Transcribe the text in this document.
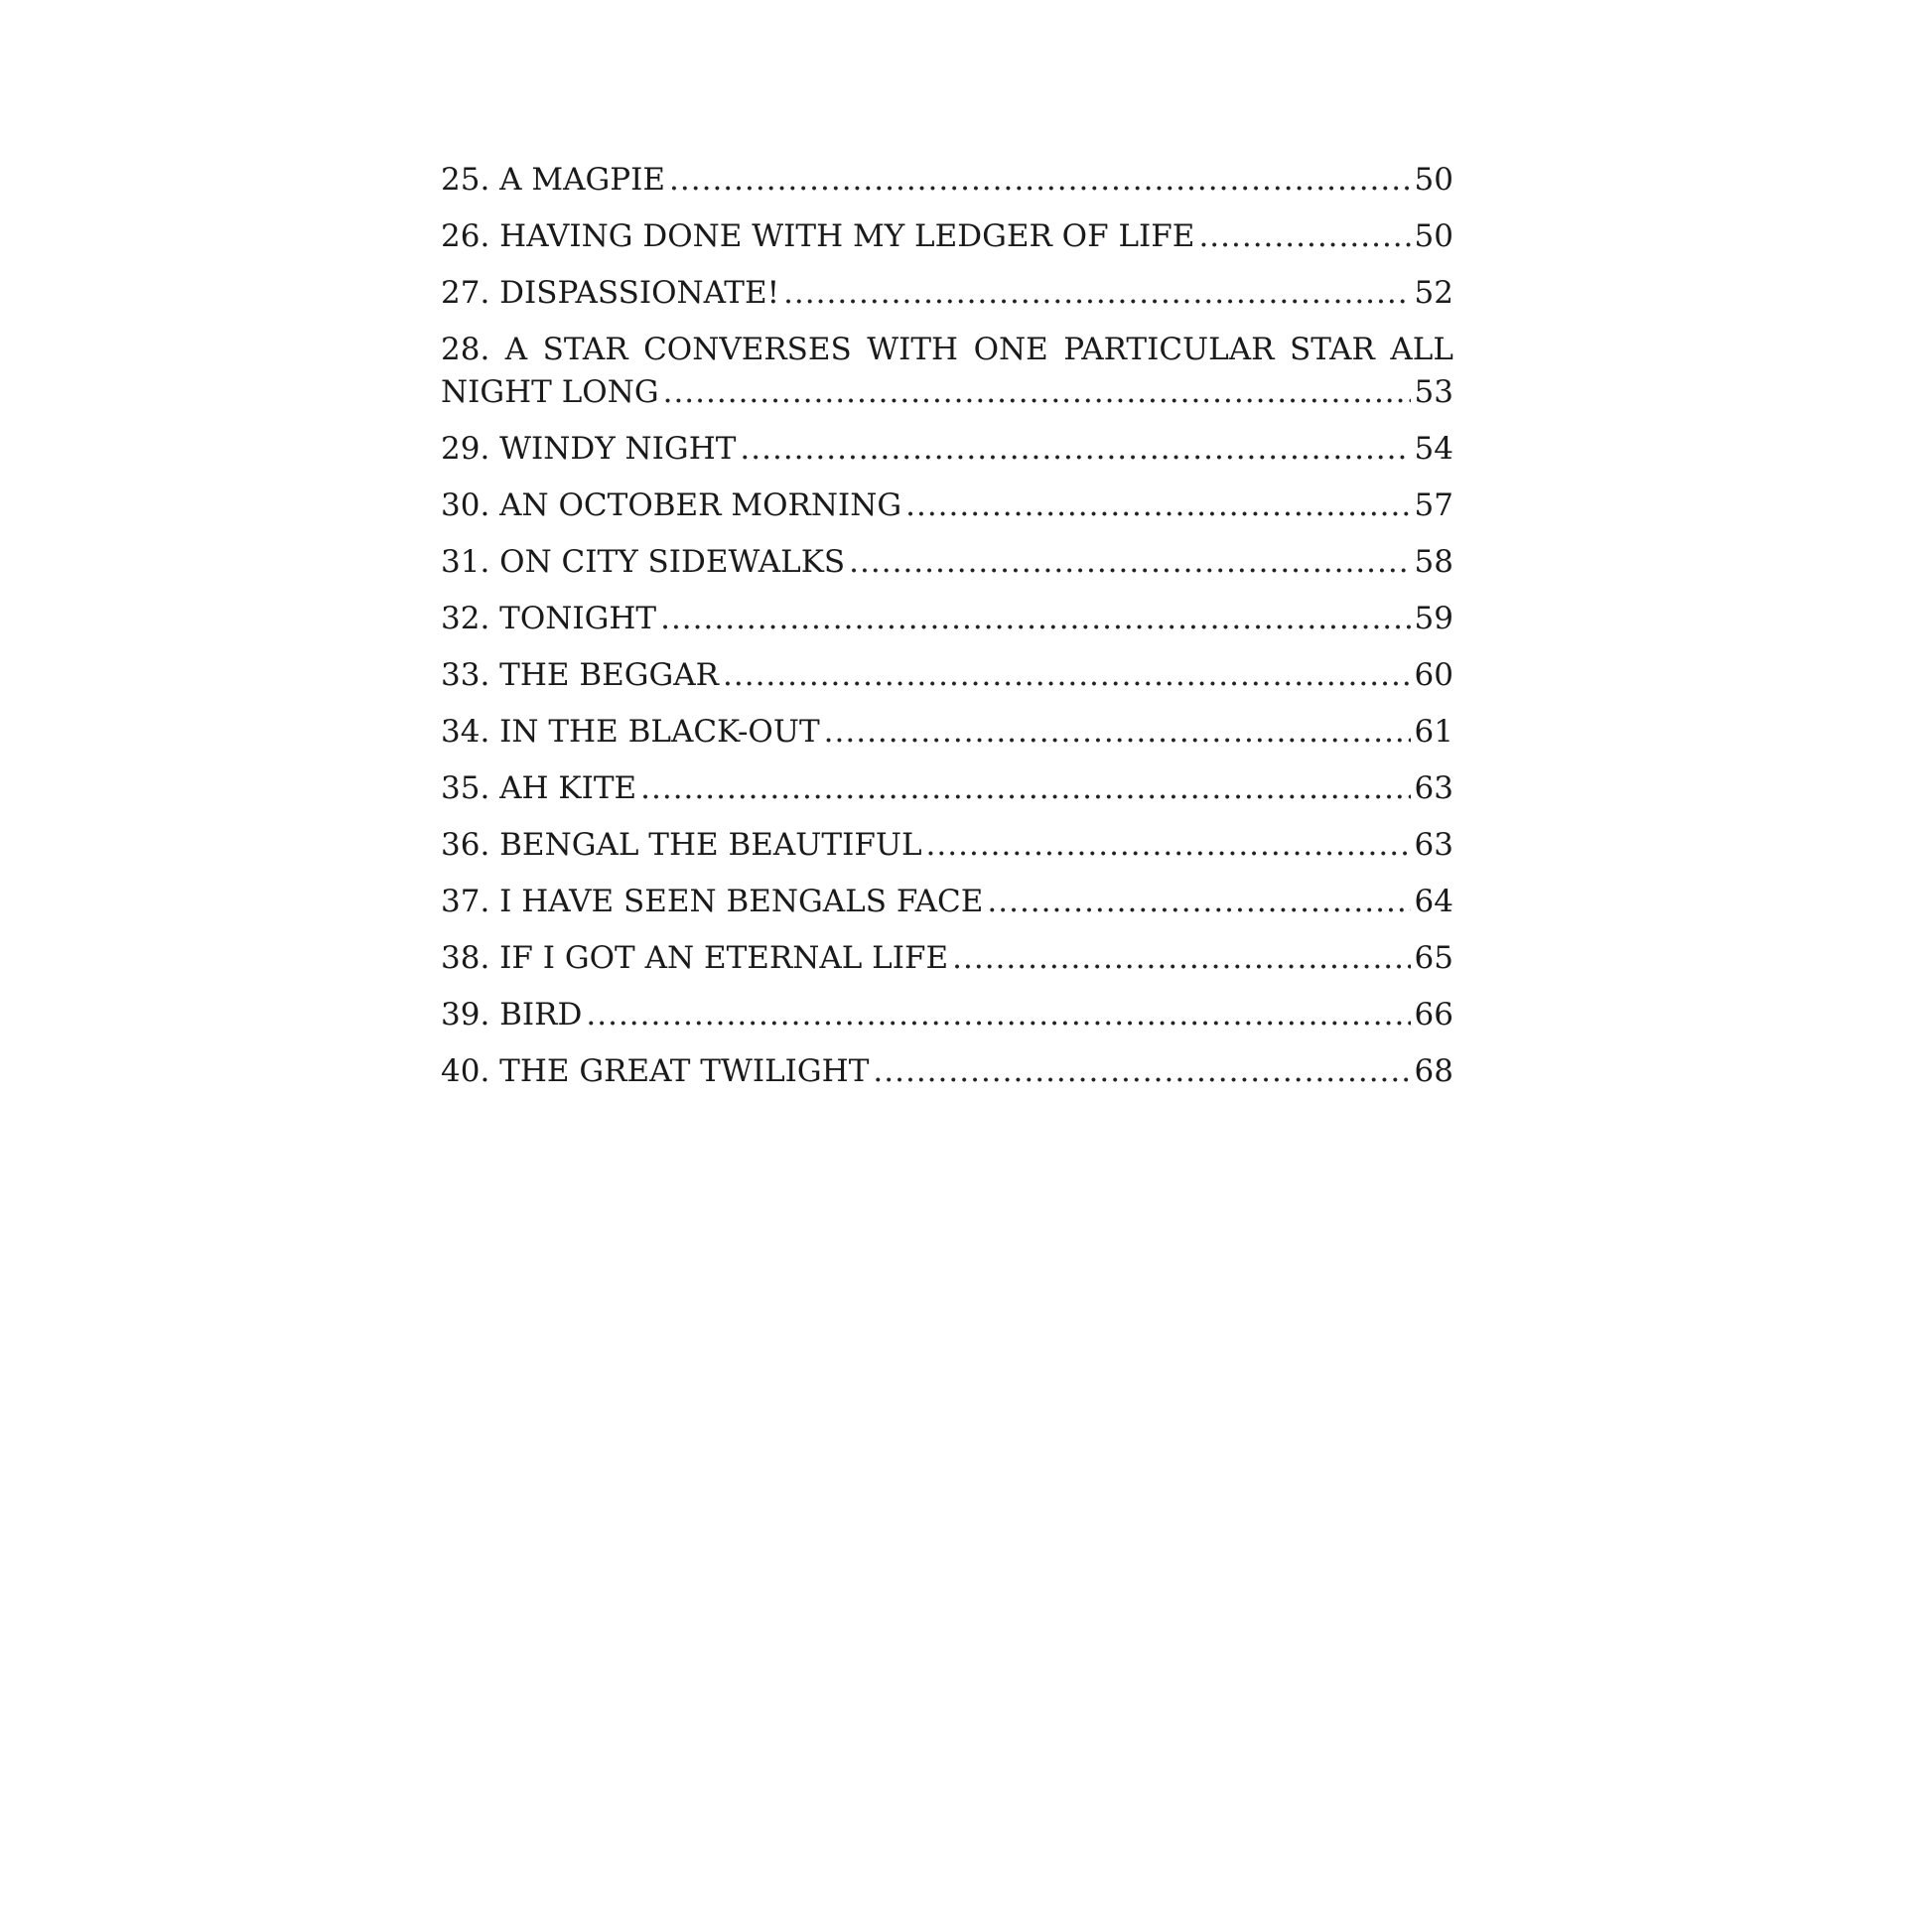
25. A MAGPIE .....	50
26. HAVING DONE WITH MY LEDGER OF LIFE .....	50
27. DISPASSIONATE! .....	52
28. A STAR CONVERSES WITH ONE PARTICULAR STAR ALL
NIGHT LONG .....	53
29. WINDY NIGHT .....	54
30. AN OCTOBER MORNING .....	57
31. ON CITY SIDEWALKS .....	58
32. TONIGHT .....	59
33. THE BEGGAR .....	60
34. IN THE BLACK-OUT .....	61
35. AH KITE .....	63
36. BENGAL THE BEAUTIFUL .....	63
37. I HAVE SEEN BENGALS FACE .....	64
38. IF I GOT AN ETERNAL LIFE .....	65
39. BIRD .....	66
40. THE GREAT TWILIGHT .....	68
